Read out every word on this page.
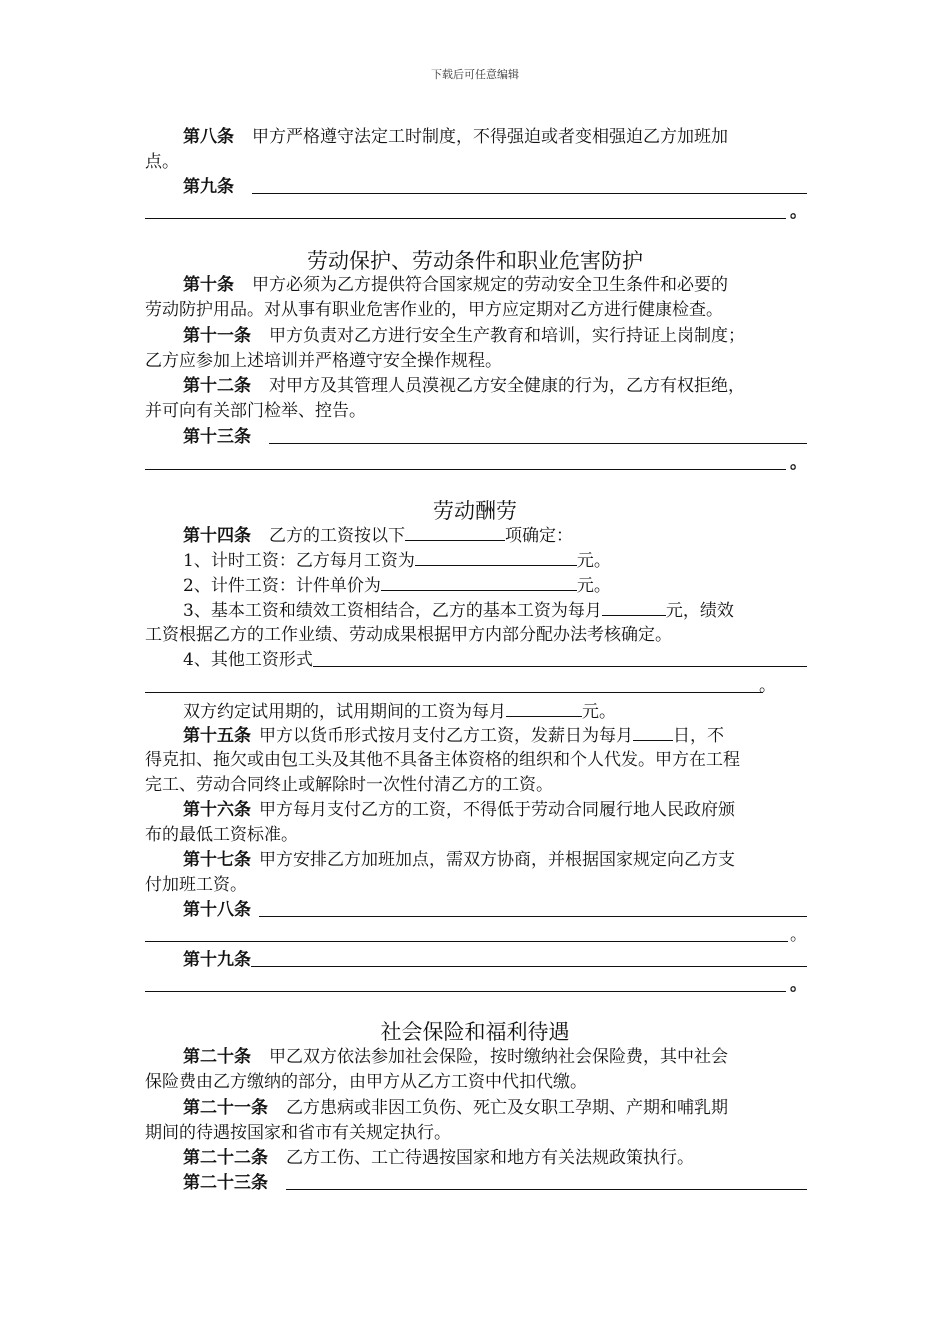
下载后可任意编辑
第八条 甲方严格遵守法定工时制度，不得强迫或者变相强迫乙方加班加
点。
第九条
。
劳动保护、劳动条件和职业危害防护
第十条 甲方必须为乙方提供符合国家规定的劳动安全卫生条件和必要的
劳动防护用品。对从事有职业危害作业的，甲方应定期对乙方进行健康检查。
第十一条 甲方负责对乙方进行安全生产教育和培训，实行持证上岗制度；
乙方应参加上述培训并严格遵守安全操作规程。
第十二条 对甲方及其管理人员漠视乙方安全健康的行为，乙方有权拒绝，
并可向有关部门检举、控告。
第十三条
。
劳动酬劳
第十四条 乙方的工资按以下	项确定：
1、计时工资：乙方每月工资为	元。
2、计件工资：计件单价为	元。
3、基本工资和绩效工资相结合，乙方的基本工资为每月	元，绩效
工资根据乙方的工作业绩、劳动成果根据甲方内部分配办法考核确定。
4、其他工资形式
。
双方约定试用期的，试用期间的工资为每月	元。
第十五条 甲方以货币形式按月支付乙方工资，发薪日为每月 日，不
得克扣、拖欠或由包工头及其他不具备主体资格的组织和个人代发。甲方在工程
完工、劳动合同终止或解除时一次性付清乙方的工资。
第十六条 甲方每月支付乙方的工资，不得低于劳动合同履行地人民政府颁
布的最低工资标准。
第十七条 甲方安排乙方加班加点，需双方协商，并根据国家规定向乙方支
付加班工资。
第十八条
。
第十九条
。
社会保险和福利待遇
第二十条 甲乙双方依法参加社会保险，按时缴纳社会保险费，其中社会
保险费由乙方缴纳的部分，由甲方从乙方工资中代扣代缴。
第二十一条 乙方患病或非因工负伤、死亡及女职工孕期、产期和哺乳期
期间的待遇按国家和省市有关规定执行。
第二十二条 乙方工伤、工亡待遇按国家和地方有关法规政策执行。
第二十三条
